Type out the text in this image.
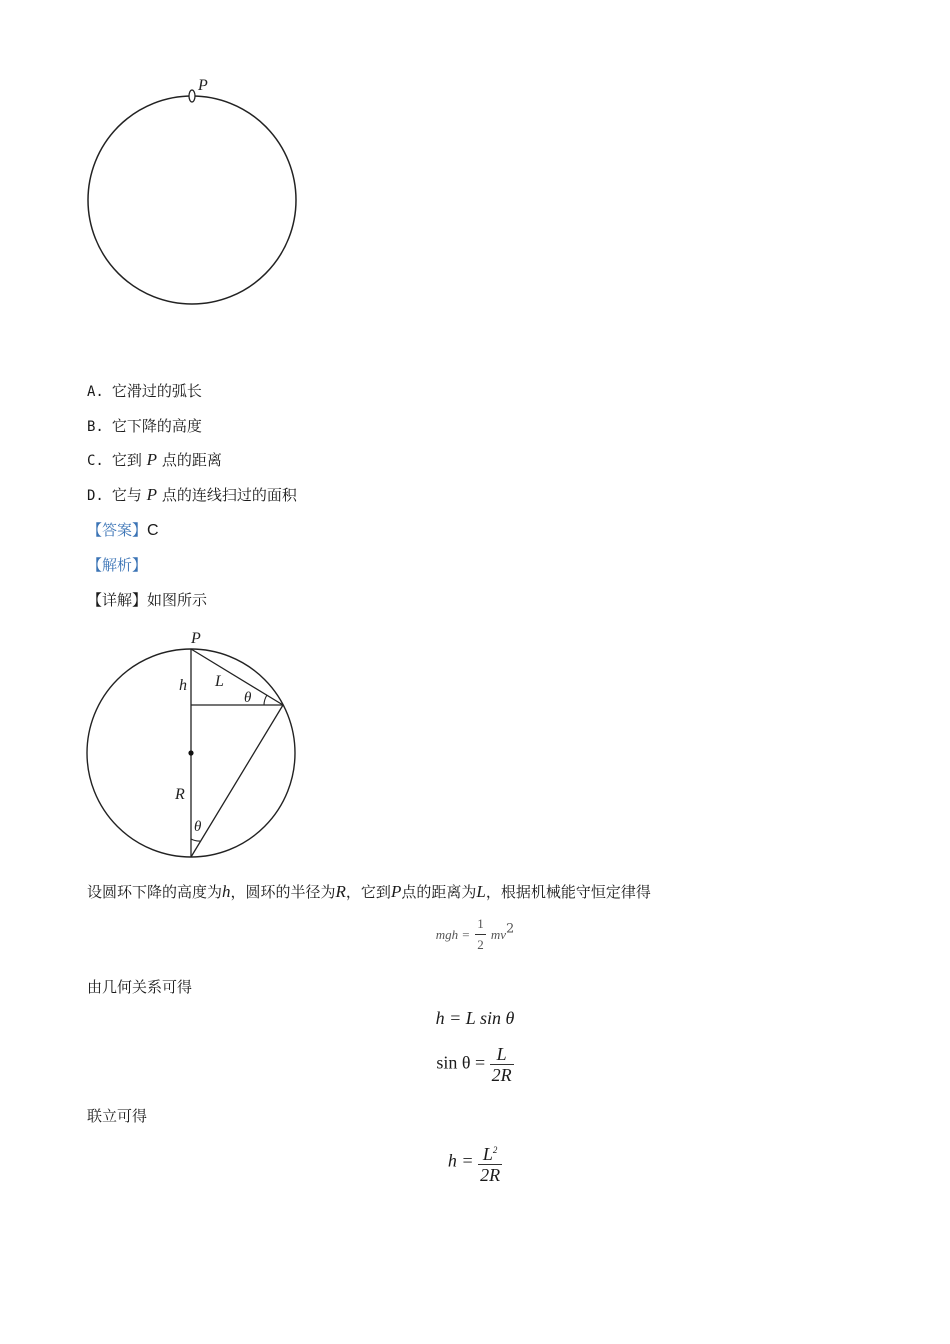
P
A. 它滑过的弧长
B. 它下降的高度
C. 它到 P 点的距离
D. 它与 P 点的连线扫过的面积
【答案】C
【解析】
【详解】如图所示
P
h L
θ
R
θ
设圆环下降的高度为h，圆环的半径为R，它到P点的距离为L，根据机械能守恒定律得
mgh = $\frac{1}{2} mv^2$
由几何关系可得
h = L sin θ
$\sin \theta = \frac{L}{2R}$
联立可得
$h = \frac{L^2}{2R}$
